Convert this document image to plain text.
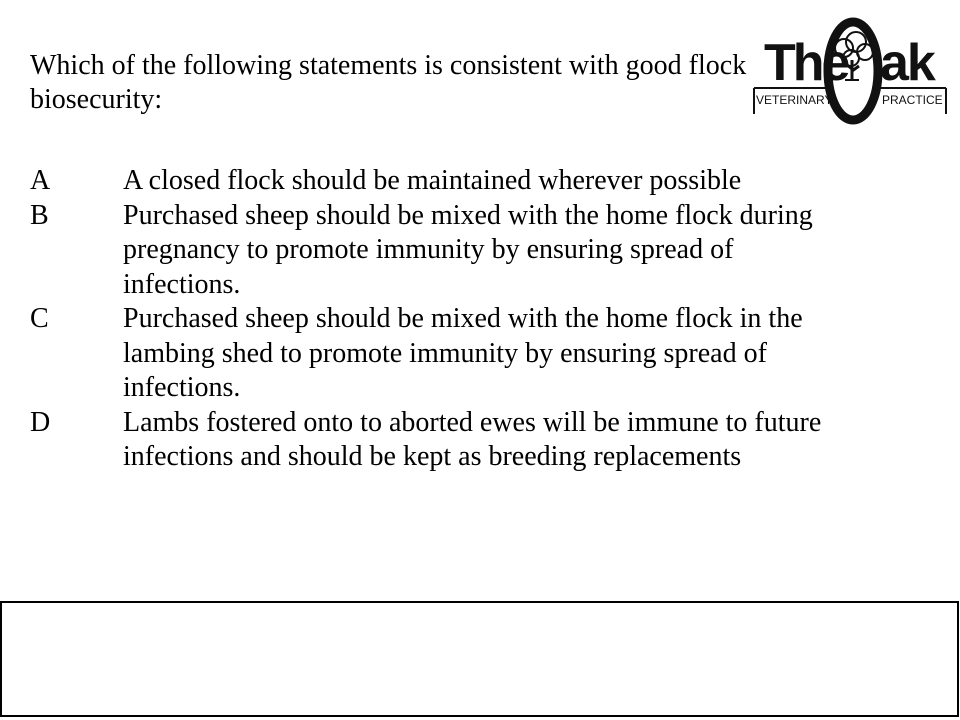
Which of the following statements is consistent with good flock
biosecurity:
The ak
VETERINARY	PRACTICE
A	A closed flock should be maintained wherever possible
B	Purchased sheep should be mixed with the home flock during
pregnancy to promote immunity by ensuring spread of
infections.
C	Purchased sheep should be mixed with the home flock in the
lambing shed to promote immunity by ensuring spread of
infections.
D	Lambs fostered onto to aborted ewes will be immune to future
infections and should be kept as breeding replacements
